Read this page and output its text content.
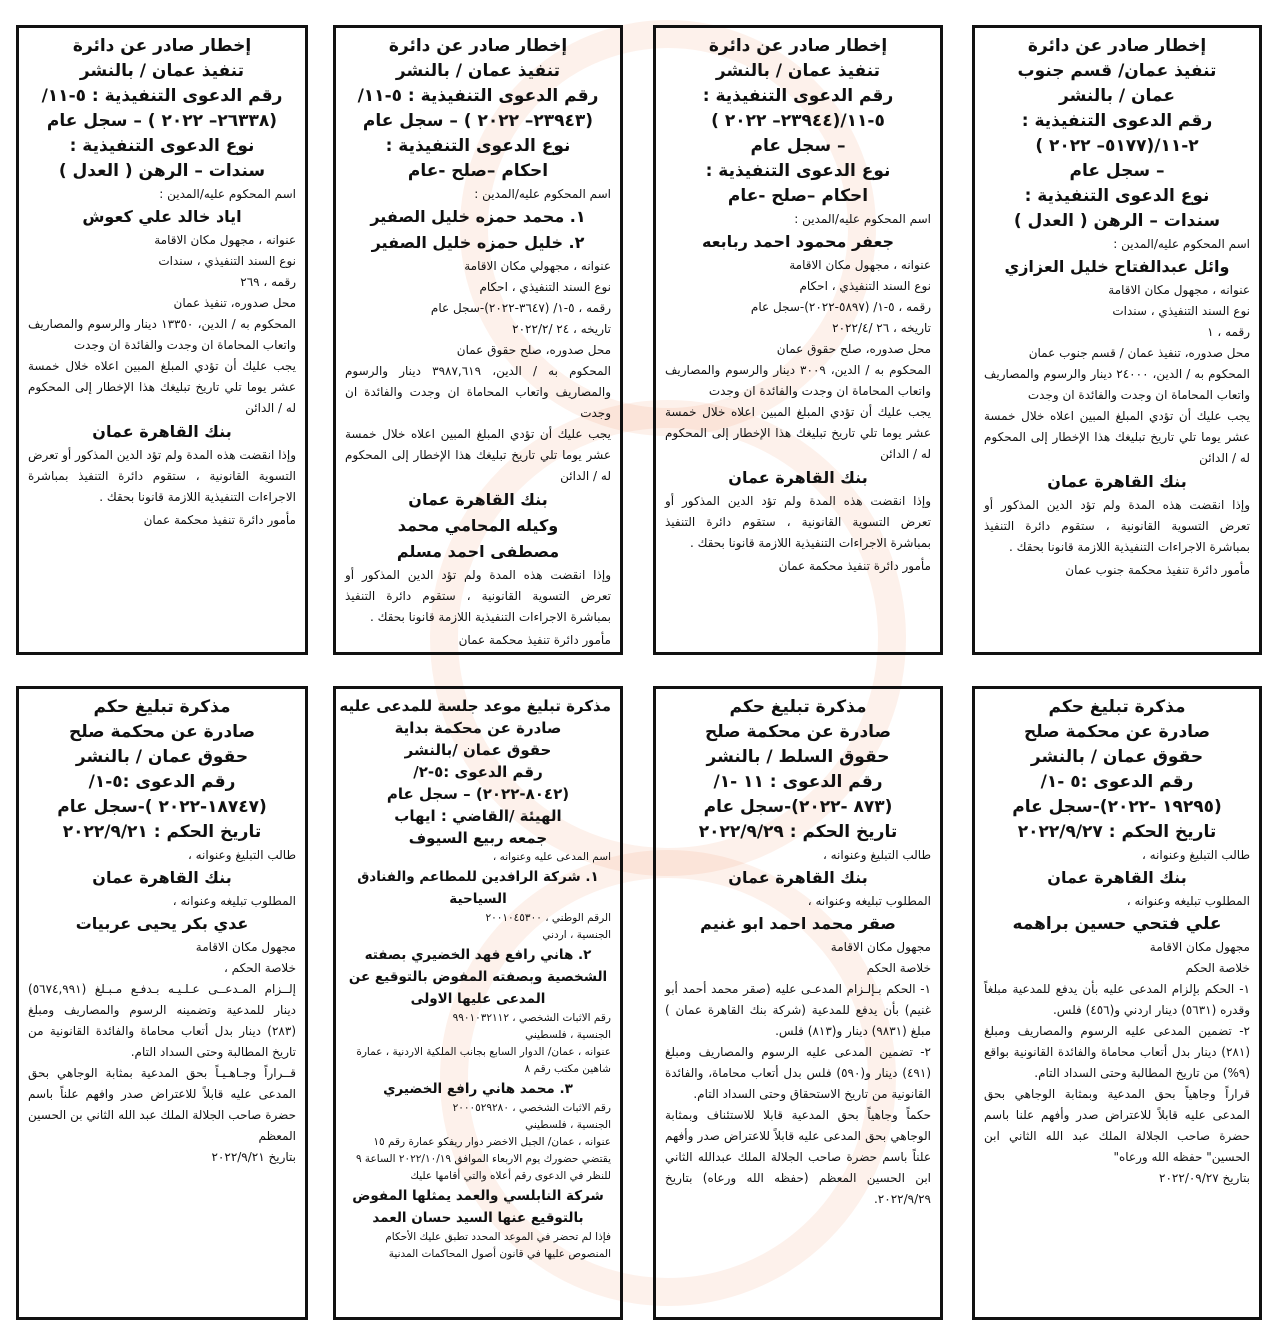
إخطار صادر عن دائرة
تنفيذ عمان/ قسم جنوب
عمان / بالنشر
رقم الدعوى التنفيذية :
٢-١١/(٥١٧٧– ٢٠٢٢ )
– سجل عام
نوع الدعوى التنفيذية :
سندات – الرهن ( العدل )
اسم المحكوم عليه/المدين :
وائل عبدالفتاح خليل العزازي

عنوانه ، مجهول مكان الاقامة

نوع السند التنفيذي ، سندات

رقمه ، ١

محل صدوره، تنفيذ عمان / قسم جنوب عمان

المحكوم به / الدين، ٢٤٠٠٠ دينار والرسوم والمصاريف واتعاب المحاماة ان وجدت والفائدة ان وجدت

يجب عليك أن تؤدي المبلغ المبين اعلاه خلال خمسة عشر يوما تلي تاريخ تبليغك هذا الإخطار إلى المحكوم له / الدائن

بنك القاهرة عمان
وإذا انقضت هذه المدة ولم تؤد الدين المذكور أو تعرض التسوية القانونية ، ستقوم دائرة التنفيذ بمباشرة الاجراءات التنفيذية اللازمة قانونا بحقك .
مأمور دائرة تنفيذ محكمة جنوب عمان
إخطار صادر عن دائرة
تنفيذ عمان / بالنشر
رقم الدعوى التنفيذية :
٥-١١/(٢٣٩٤٤– ٢٠٢٢ )
– سجل عام
نوع الدعوى التنفيذية :
احكام –صلح -عام
اسم المحكوم عليه/المدين :
جعفر محمود احمد ربابعه

عنوانه ، مجهول مكان الاقامة

نوع السند التنفيذي ، احكام

رقمه ، ٥-١/ (٥٨٩٧-٢٠٢٢)-سجل عام

تاريخه ، ٢٦ /٢٠٢٢/٤

محل صدوره، صلح حقوق عمان

المحكوم به / الدين، ٣٠٠٩ دينار والرسوم والمصاريف واتعاب المحاماة ان وجدت والفائدة ان وجدت

يجب عليك أن تؤدي المبلغ المبين اعلاه خلال خمسة عشر يوما تلي تاريخ تبليغك هذا الإخطار إلى المحكوم له / الدائن

بنك القاهرة عمان
وإذا انقضت هذه المدة ولم تؤد الدين المذكور أو تعرض التسوية القانونية ، ستقوم دائرة التنفيذ بمباشرة الاجراءات التنفيذية اللازمة قانونا بحقك .
مأمور دائرة تنفيذ محكمة عمان
إخطار صادر عن دائرة
تنفيذ عمان / بالنشر
رقم الدعوى التنفيذية : ٥-١١/
(٢٣٩٤٣– ٢٠٢٢ ) – سجل عام
نوع الدعوى التنفيذية :
احكام –صلح -عام
اسم المحكوم عليه/المدين :
١. محمد حمزه خليل الصفير
٢. خليل حمزه خليل الصفير

عنوانه ، مجهولي مكان الاقامة

نوع السند التنفيذي ، احكام

رقمه ، ٥-١/ (٣٦٤٧-٢٠٢٢)-سجل عام

تاريخه ، ٢٤ /٢٠٢٢/٢

محل صدوره، صلح حقوق عمان

المحكوم به / الدين، ٣٩٨٧,٦١٩ دينار والرسوم والمصاريف واتعاب المحاماة ان وجدت والفائدة ان وجدت

يجب عليك أن تؤدي المبلغ المبين اعلاه خلال خمسة عشر يوما تلي تاريخ تبليغك هذا الإخطار إلى المحكوم له / الدائن

بنك القاهرة عمان
وكيله المحامي محمد
مصطفى احمد مسلم
وإذا انقضت هذه المدة ولم تؤد الدين المذكور أو تعرض التسوية القانونية ، ستقوم دائرة التنفيذ بمباشرة الاجراءات التنفيذية اللازمة قانونا بحقك .
مأمور دائرة تنفيذ محكمة عمان
إخطار صادر عن دائرة
تنفيذ عمان / بالنشر
رقم الدعوى التنفيذية : ٥-١١/
(٢٦٣٣٨– ٢٠٢٢ ) – سجل عام
نوع الدعوى التنفيذية :
سندات – الرهن ( العدل )
اسم المحكوم عليه/المدين :
اياد خالد علي كعوش

عنوانه ، مجهول مكان الاقامة

نوع السند التنفيذي ، سندات

رقمه ، ٢٦٩

محل صدوره، تنفيذ عمان

المحكوم به / الدين، ١٣٣٥٠ دينار والرسوم والمصاريف واتعاب المحاماة ان وجدت والفائدة ان وجدت

يجب عليك أن تؤدي المبلغ المبين اعلاه خلال خمسة عشر يوما تلي تاريخ تبليغك هذا الإخطار إلى المحكوم له / الدائن

بنك القاهرة عمان
وإذا انقضت هذه المدة ولم تؤد الدين المذكور أو تعرض التسوية القانونية ، ستقوم دائرة التنفيذ بمباشرة الاجراءات التنفيذية اللازمة قانونا بحقك .
مأمور دائرة تنفيذ محكمة عمان
مذكرة تبليغ حكم
صادرة عن محكمة صلح
حقوق عمان / بالنشر
رقم الدعوى :٥ -١/
(١٩٢٩٥ -٢٠٢٢)-سجل عام
تاريخ الحكم : ٢٠٢٢/٩/٢٧
طالب التبليغ وعنوانه ،
بنك القاهرة عمان
المطلوب تبليغه وعنوانه ،
علي فتحي حسين براهمه

مجهول مكان الاقامة

خلاصة الحكم

١- الحكم بإلزام المدعى عليه بأن يدفع للمدعية مبلغاً وقدره (٥٦٣١) دينار اردني و(٤٥٦) فلس.

٢- تضمين المدعى عليه الرسوم والمصاريف ومبلغ (٢٨١) دينار بدل أتعاب محاماة والفائدة القانونية بواقع (٩%) من تاريخ المطالبة وحتى السداد التام.

قراراً وجاهياً بحق المدعية وبمثابة الوجاهي بحق المدعى عليه قابلاً للاعتراض صدر وأفهم علنا باسم حضرة صاحب الجلالة الملك عبد الله الثاني ابن الحسين" حفظه الله ورعاه"

بتاريخ ٢٠٢٢/٠٩/٢٧

مذكرة تبليغ حكم
صادرة عن محكمة صلح
حقوق السلط / بالنشر
رقم الدعوى : ١١ -١/
(٨٧٣ -٢٠٢٢)-سجل عام
تاريخ الحكم : ٢٠٢٢/٩/٢٩
طالب التبليغ وعنوانه ،
بنك القاهرة عمان
المطلوب تبليغه وعنوانه ،
صقر محمد احمد ابو غنيم

مجهول مكان الاقامة

خلاصة الحكم

١- الحكم بـإلـزام المدعـى عليه (صقر محمد أحمد أبو غنيم) بأن يدفع للمدعية (شركة بنك القاهرة عمان ) مبلغ (٩٨٣١) دينار و(٨١٣) فلس.

٢- تضمين المدعى عليه الرسوم والمصاريف ومبلغ (٤٩١) دينار و(٥٩٠) فلس بدل أتعاب محاماة، والفائدة القانونية من تاريخ الاستحقاق وحتى السداد التام.

حكماً وجاهياً بحق المدعية قابلا للاستئناف وبمثابة الوجاهي بحق المدعى عليه قابلاً للاعتراض صدر وأفهم علناً باسم حضرة صاحب الجلالة الملك عبدالله الثاني ابن الحسين المعظم (حفظه الله ورعاه) بتاريخ ٢٠٢٢/٩/٢٩.

مذكرة تبليغ موعد جلسة للمدعى عليه
صادرة عن محكمة بداية
حقوق عمان /بالنشر
رقم الدعوى :٥-٢/
(٨٠٤٢-٢٠٢٢) – سجل عام
الهيئة /القاضي : ايهاب
جمعه ربيع السيوف
اسم المدعى عليه وعنوانه ،
١. شركة الرافدين للمطاعم والفنادق السياحية
الرقم الوطني ، ٢٠٠١٠٤٥٣٠٠
الجنسية ، اردني
٢. هاني رافع فهد الخضيري بصفته الشخصية وبصفته المفوض بالتوقيع عن المدعى عليها الاولى
رقم الاثبات الشخصي ، ٩٩٠١٠٣٢١١٢
الجنسية ، فلسطيني
عنوانه ، عمان/ الدوار السابع بجانب الملكية الاردنية ، عمارة شاهين مكتب رقم ٨
٣. محمد هاني رافع الخضيري
رقم الاثبات الشخصي ، ٢٠٠٠٥٢٩٢٨٠
الجنسية ، فلسطيني
عنوانه ، عمان/ الجبل الاخضر دوار ريفكو عمارة رقم ١٥
يقتضي حضورك يوم الاربعاء الموافق ٢٠٢٢/١٠/١٩ الساعة ٩ للنظر في الدعوى رقم أعلاه والتي أقامها عليك
شركة النابلسي والعمد يمثلها المفوض بالتوقيع عنها السيد حسان العمد
فإذا لم تحضر في الموعد المحدد تطبق عليك الأحكام المنصوص عليها في قانون أصول المحاكمات المدنية
مذكرة تبليغ حكم
صادرة عن محكمة صلح
حقوق عمان / بالنشر
رقم الدعوى :٥-١/
(١٨٧٤٧-٢٠٢٢ )-سجل عام
تاريخ الحكم : ٢٠٢٢/٩/٢١
طالب التبليغ وعنوانه ،
بنك القاهرة عمان
المطلوب تبليغه وعنوانه ،
عدي بكر يحيى عربيات

مجهول مكان الاقامة

خلاصة الحكم ،

إلــزام المـدعــى عـلـيـه بـدفـع مـبـلغ (٥٦٧٤,٩٩١) دينار للمدعية وتضمينه الرسوم والمصاريف ومبلغ (٢٨٣) دينار بدل أتعاب محاماة والفائدة القانونية من تاريخ المطالبة وحتى السداد التام.

قــراراً وجـاهـيـاً بحق المدعية بمثابة الوجاهي بحق المدعى عليه قابلاً للاعتراض صدر وافهم علناً باسم حضرة صاحب الجلالة الملك عبد الله الثاني بن الحسين المعظم

بتاريخ ٢٠٢٢/٩/٢١
